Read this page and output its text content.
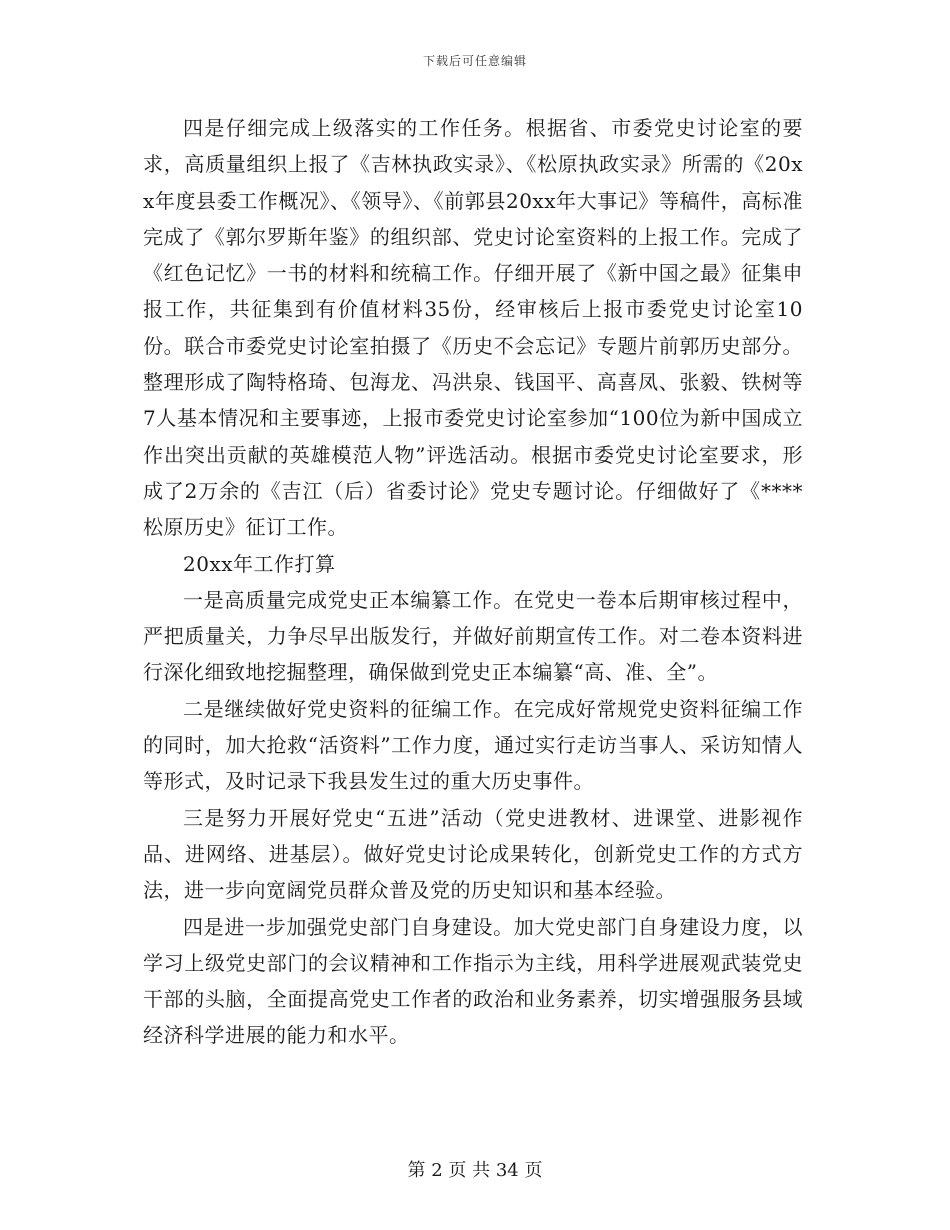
下载后可任意编辑

四是仔细完成上级落实的工作任务。根据省、市委党史讨论室的要求，高质量组织上报了《吉林执政实录》、《松原执政实录》所需的《20xx年度县委工作概况》、《领导》、《前郭县20xx年大事记》等稿件，高标准完成了《郭尔罗斯年鉴》的组织部、党史讨论室资料的上报工作。完成了《红色记忆》一书的材料和统稿工作。仔细开展了《新中国之最》征集申报工作，共征集到有价值材料35份，经审核后上报市委党史讨论室10份。联合市委党史讨论室拍摄了《历史不会忘记》专题片前郭历史部分。整理形成了陶特格琦、包海龙、冯洪泉、钱国平、高喜凤、张毅、铁树等7人基本情况和主要事迹，上报市委党史讨论室参加“100位为新中国成立作出突出贡献的英雄模范人物”评选活动。根据市委党史讨论室要求，形成了2万余的《吉江（后）省委讨论》党史专题讨论。仔细做好了《****松原历史》征订工作。

20xx年工作打算

一是高质量完成党史正本编纂工作。在党史一卷本后期审核过程中，严把质量关，力争尽早出版发行，并做好前期宣传工作。对二卷本资料进行深化细致地挖掘整理，确保做到党史正本编纂“高、准、全”。

二是继续做好党史资料的征编工作。在完成好常规党史资料征编工作的同时，加大抢救“活资料”工作力度，通过实行走访当事人、采访知情人等形式，及时记录下我县发生过的重大历史事件。

三是努力开展好党史“五进”活动（党史进教材、进课堂、进影视作品、进网络、进基层）。做好党史讨论成果转化，创新党史工作的方式方法，进一步向宽阔党员群众普及党的历史知识和基本经验。

四是进一步加强党史部门自身建设。加大党史部门自身建设力度，以学习上级党史部门的会议精神和工作指示为主线，用科学进展观武装党史干部的头脑，全面提高党史工作者的政治和业务素养，切实增强服务县域经济科学进展的能力和水平。

第 2 页 共 34 页
